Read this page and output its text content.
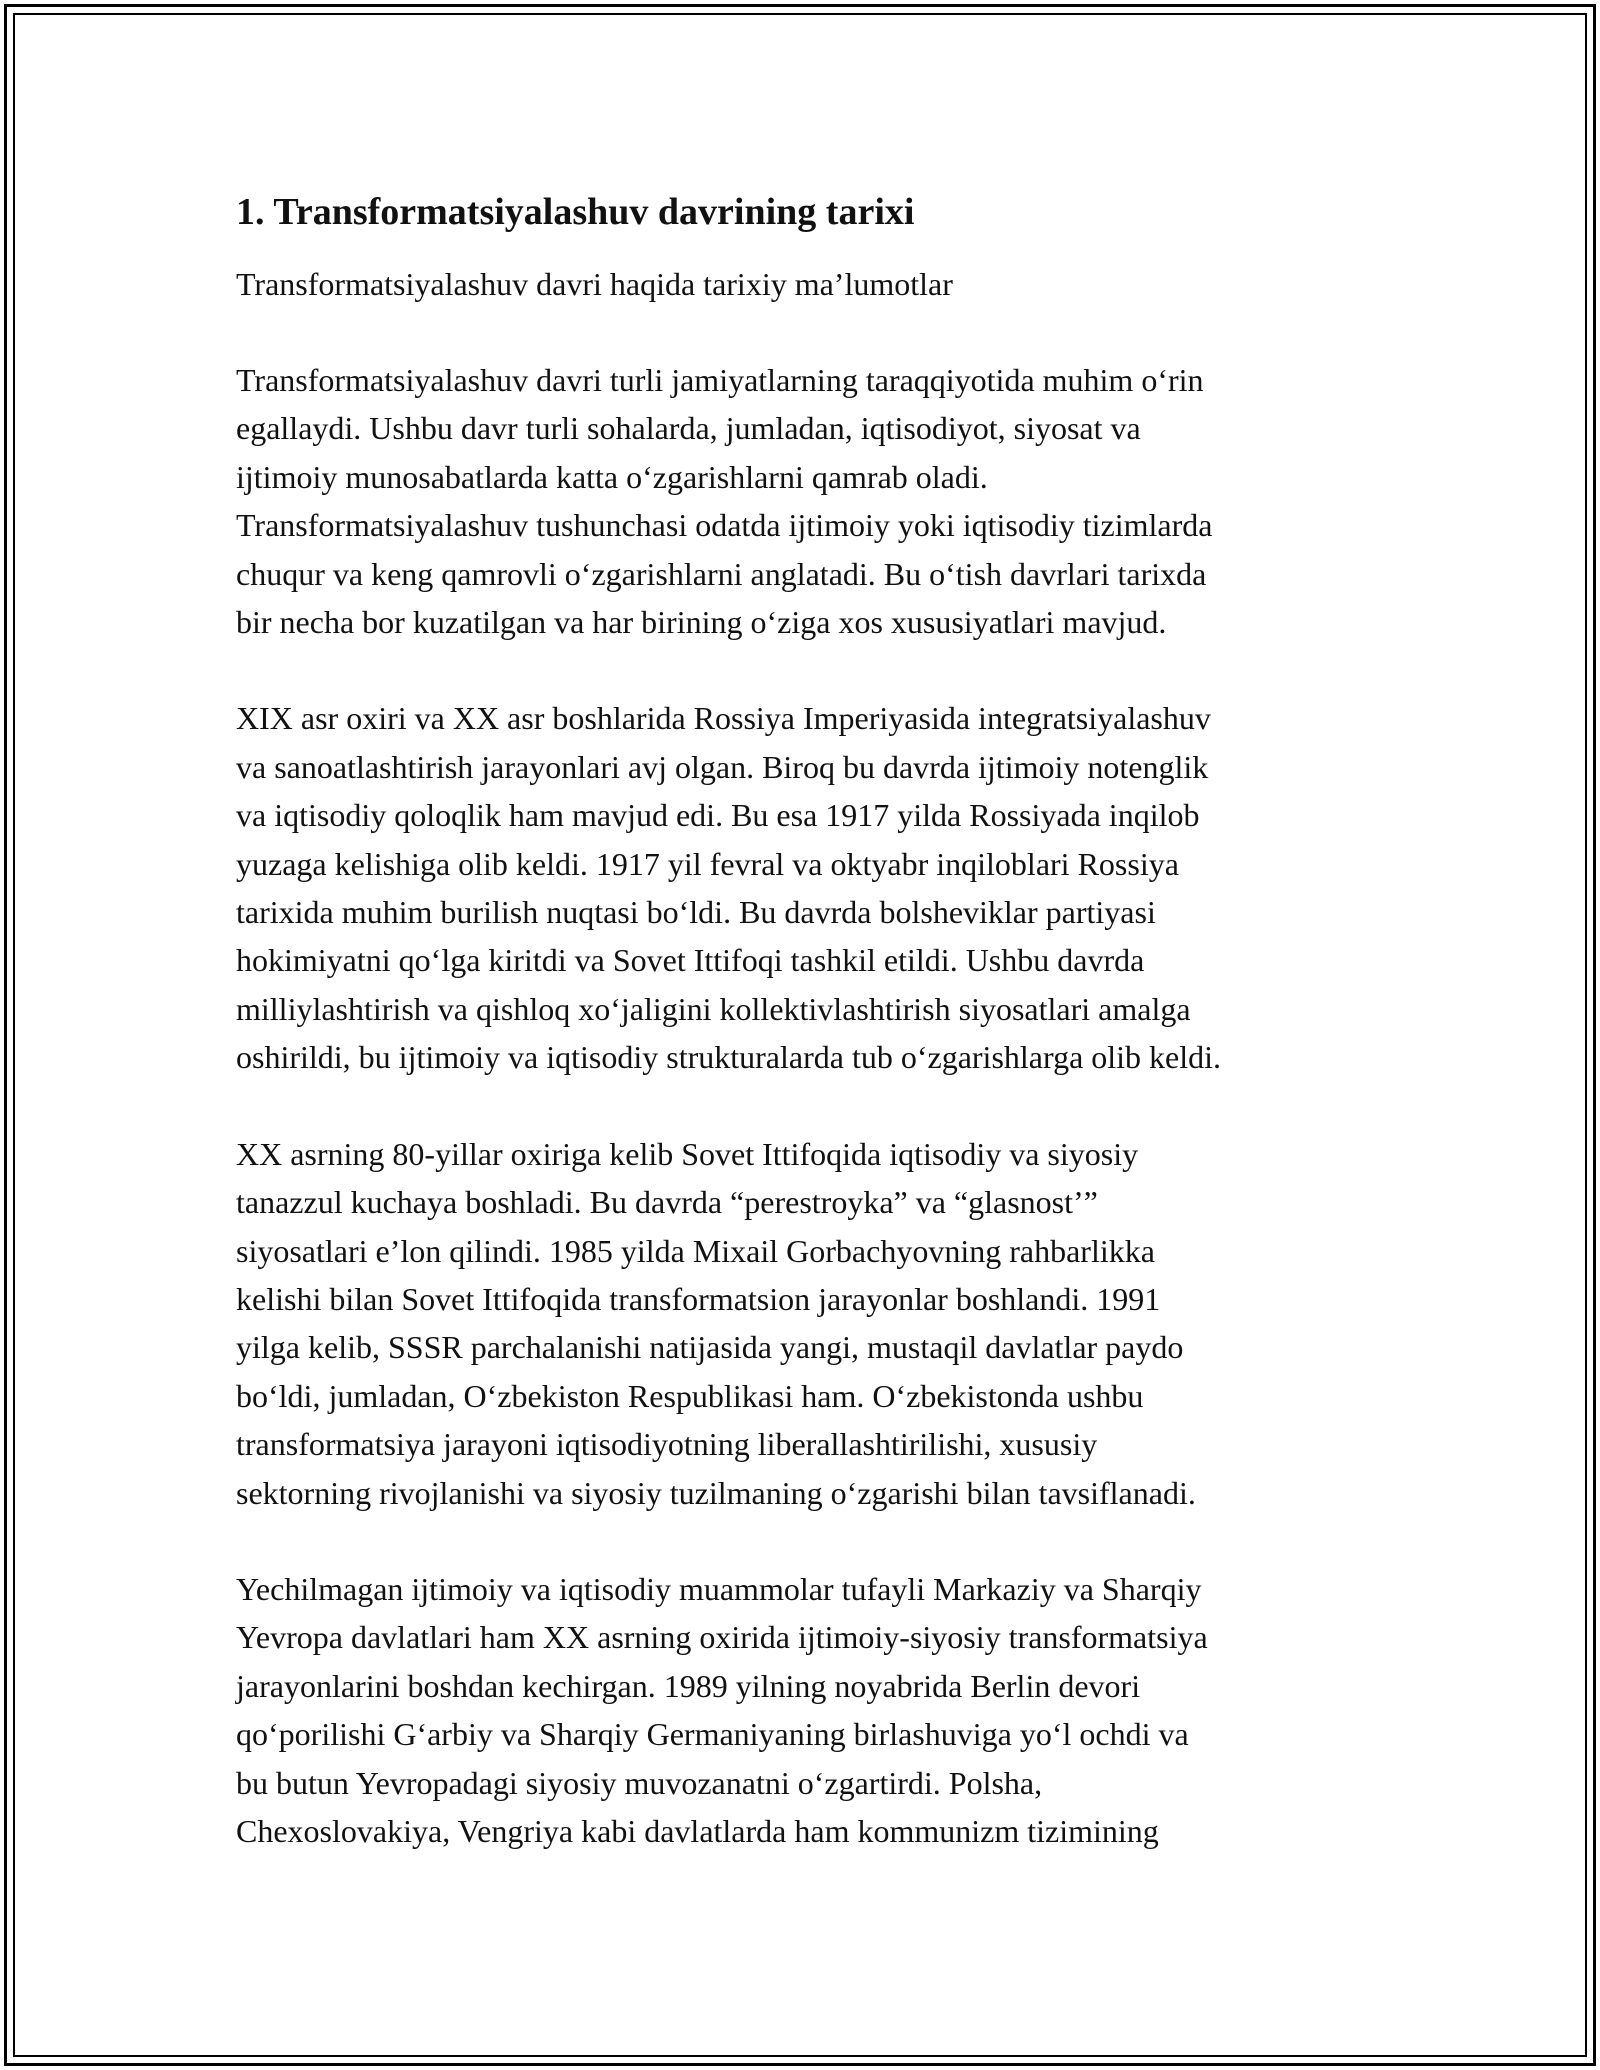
1. Transformatsiyalashuv davrining tarixi
Transformatsiyalashuv davri haqida tarixiy maʼlumotlar

Transformatsiyalashuv davri turli jamiyatlarning taraqqiyotida muhim oʻrin
egallaydi. Ushbu davr turli sohalarda, jumladan, iqtisodiyot, siyosat va
ijtimoiy munosabatlarda katta oʻzgarishlarni qamrab oladi.
Transformatsiyalashuv tushunchasi odatda ijtimoiy yoki iqtisodiy tizimlarda
chuqur va keng qamrovli oʻzgarishlarni anglatadi. Bu oʻtish davrlari tarixda
bir necha bor kuzatilgan va har birining oʻziga xos xususiyatlari mavjud.

XIX asr oxiri va XX asr boshlarida Rossiya Imperiyasida integratsiyalashuv
va sanoatlashtirish jarayonlari avj olgan. Biroq bu davrda ijtimoiy notenglik
va iqtisodiy qoloqlik ham mavjud edi. Bu esa 1917 yilda Rossiyada inqilob
yuzaga kelishiga olib keldi. 1917 yil fevral va oktyabr inqiloblari Rossiya
tarixida muhim burilish nuqtasi boʻldi. Bu davrda bolsheviklar partiyasi
hokimiyatni qoʻlga kiritdi va Sovet Ittifoqi tashkil etildi. Ushbu davrda
milliylashtirish va qishloq xoʻjaligini kollektivlashtirish siyosatlari amalga
oshirildi, bu ijtimoiy va iqtisodiy strukturalarda tub oʻzgarishlarga olib keldi.

XX asrning 80-yillar oxiriga kelib Sovet Ittifoqida iqtisodiy va siyosiy
tanazzul kuchaya boshladi. Bu davrda “perestroyka” va “glasnost’”
siyosatlari e’lon qilindi. 1985 yilda Mixail Gorbachyovning rahbarlikka
kelishi bilan Sovet Ittifoqida transformatsion jarayonlar boshlandi. 1991
yilga kelib, SSSR parchalanishi natijasida yangi, mustaqil davlatlar paydo
boʻldi, jumladan, Oʻzbekiston Respublikasi ham. Oʻzbekistonda ushbu
transformatsiya jarayoni iqtisodiyotning liberallashtirilishi, xususiy
sektorning rivojlanishi va siyosiy tuzilmaning oʻzgarishi bilan tavsiflanadi.

Yechilmagan ijtimoiy va iqtisodiy muammolar tufayli Markaziy va Sharqiy
Yevropa davlatlari ham XX asrning oxirida ijtimoiy-siyosiy transformatsiya
jarayonlarini boshdan kechirgan. 1989 yilning noyabrida Berlin devori
qoʻporilishi Gʻarbiy va Sharqiy Germaniyaning birlashuviga yoʻl ochdi va
bu butun Yevropadagi siyosiy muvozanatni oʻzgartirdi. Polsha,
Chexoslovakiya, Vengriya kabi davlatlarda ham kommunizm tizimining
